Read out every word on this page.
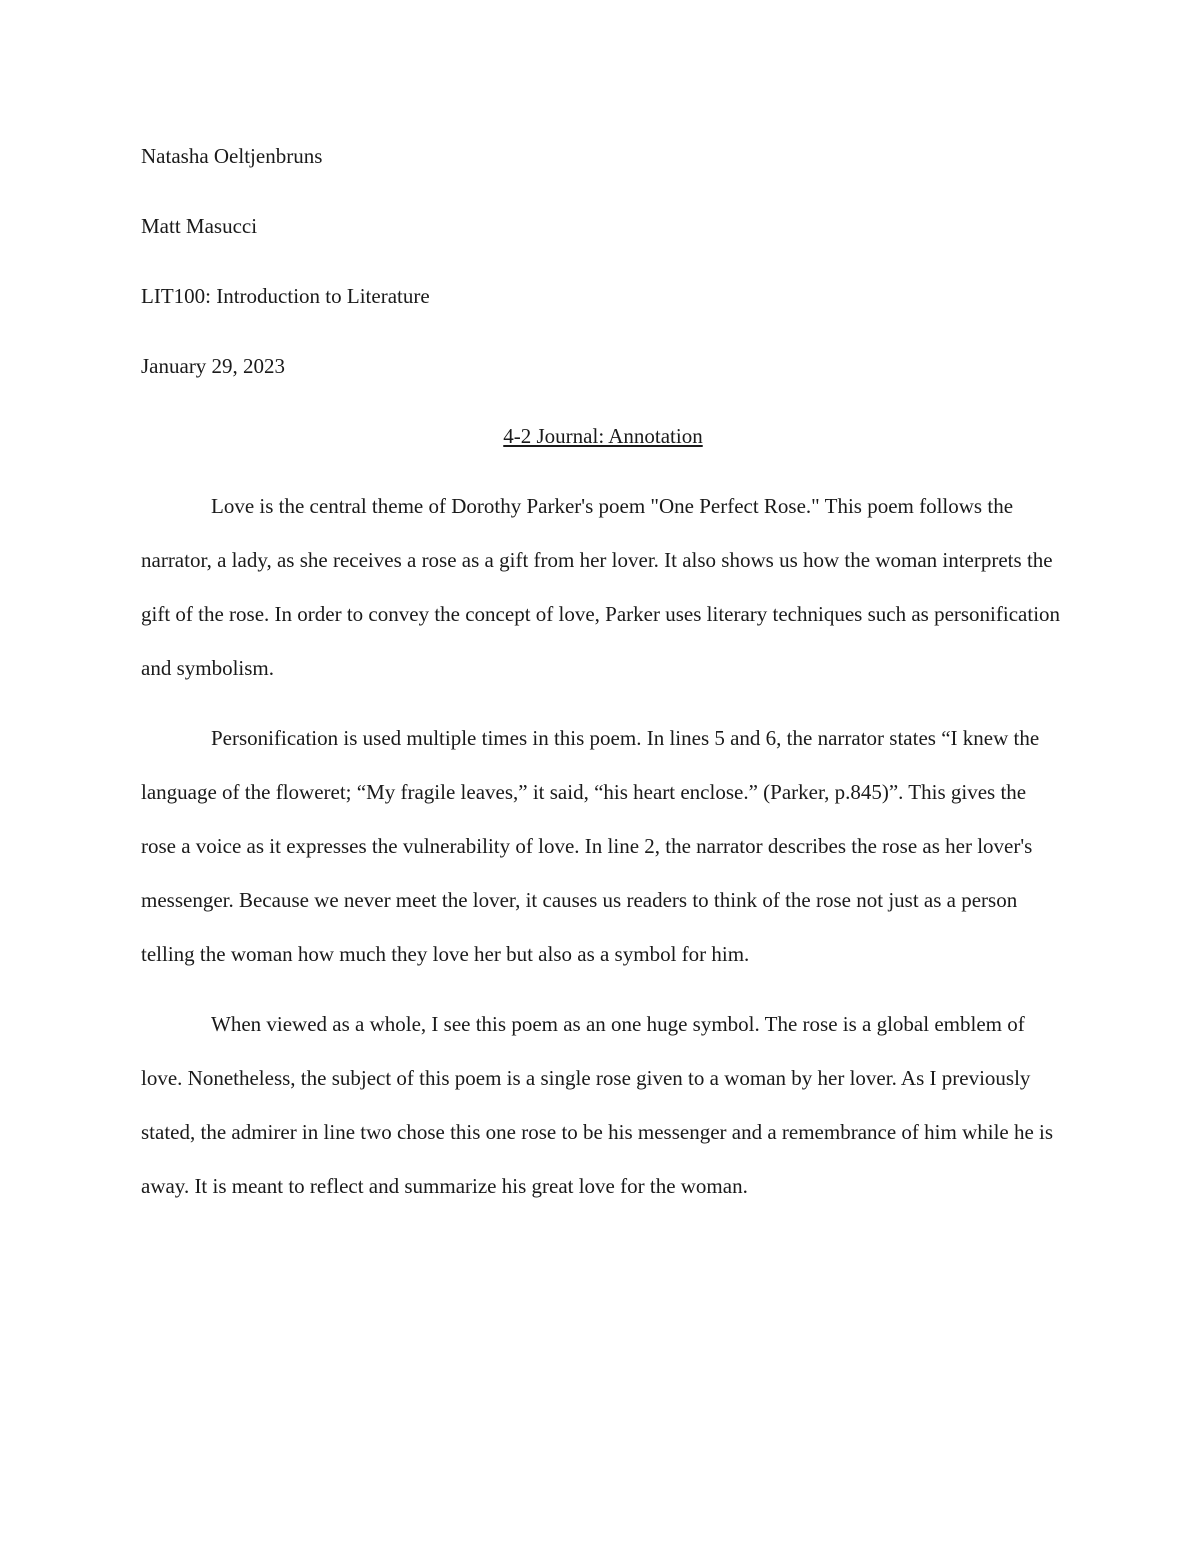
Natasha Oeltjenbruns

Matt Masucci

LIT100: Introduction to Literature

January 29, 2023

4-2 Journal: Annotation

Love is the central theme of Dorothy Parker's poem "One Perfect Rose." This poem follows the narrator, a lady, as she receives a rose as a gift from her lover. It also shows us how the woman interprets the gift of the rose. In order to convey the concept of love, Parker uses literary techniques such as personification and symbolism.

Personification is used multiple times in this poem. In lines 5 and 6, the narrator states “I knew the language of the floweret; “My fragile leaves,” it said, “his heart enclose.” (Parker, p.845)”. This gives the rose a voice as it expresses the vulnerability of love. In line 2, the narrator describes the rose as her lover's messenger. Because we never meet the lover, it causes us readers to think of the rose not just as a person telling the woman how much they love her but also as a symbol for him.

When viewed as a whole, I see this poem as an one huge symbol. The rose is a global emblem of love. Nonetheless, the subject of this poem is a single rose given to a woman by her lover. As I previously stated, the admirer in line two chose this one rose to be his messenger and a remembrance of him while he is away. It is meant to reflect and summarize his great love for the woman.
